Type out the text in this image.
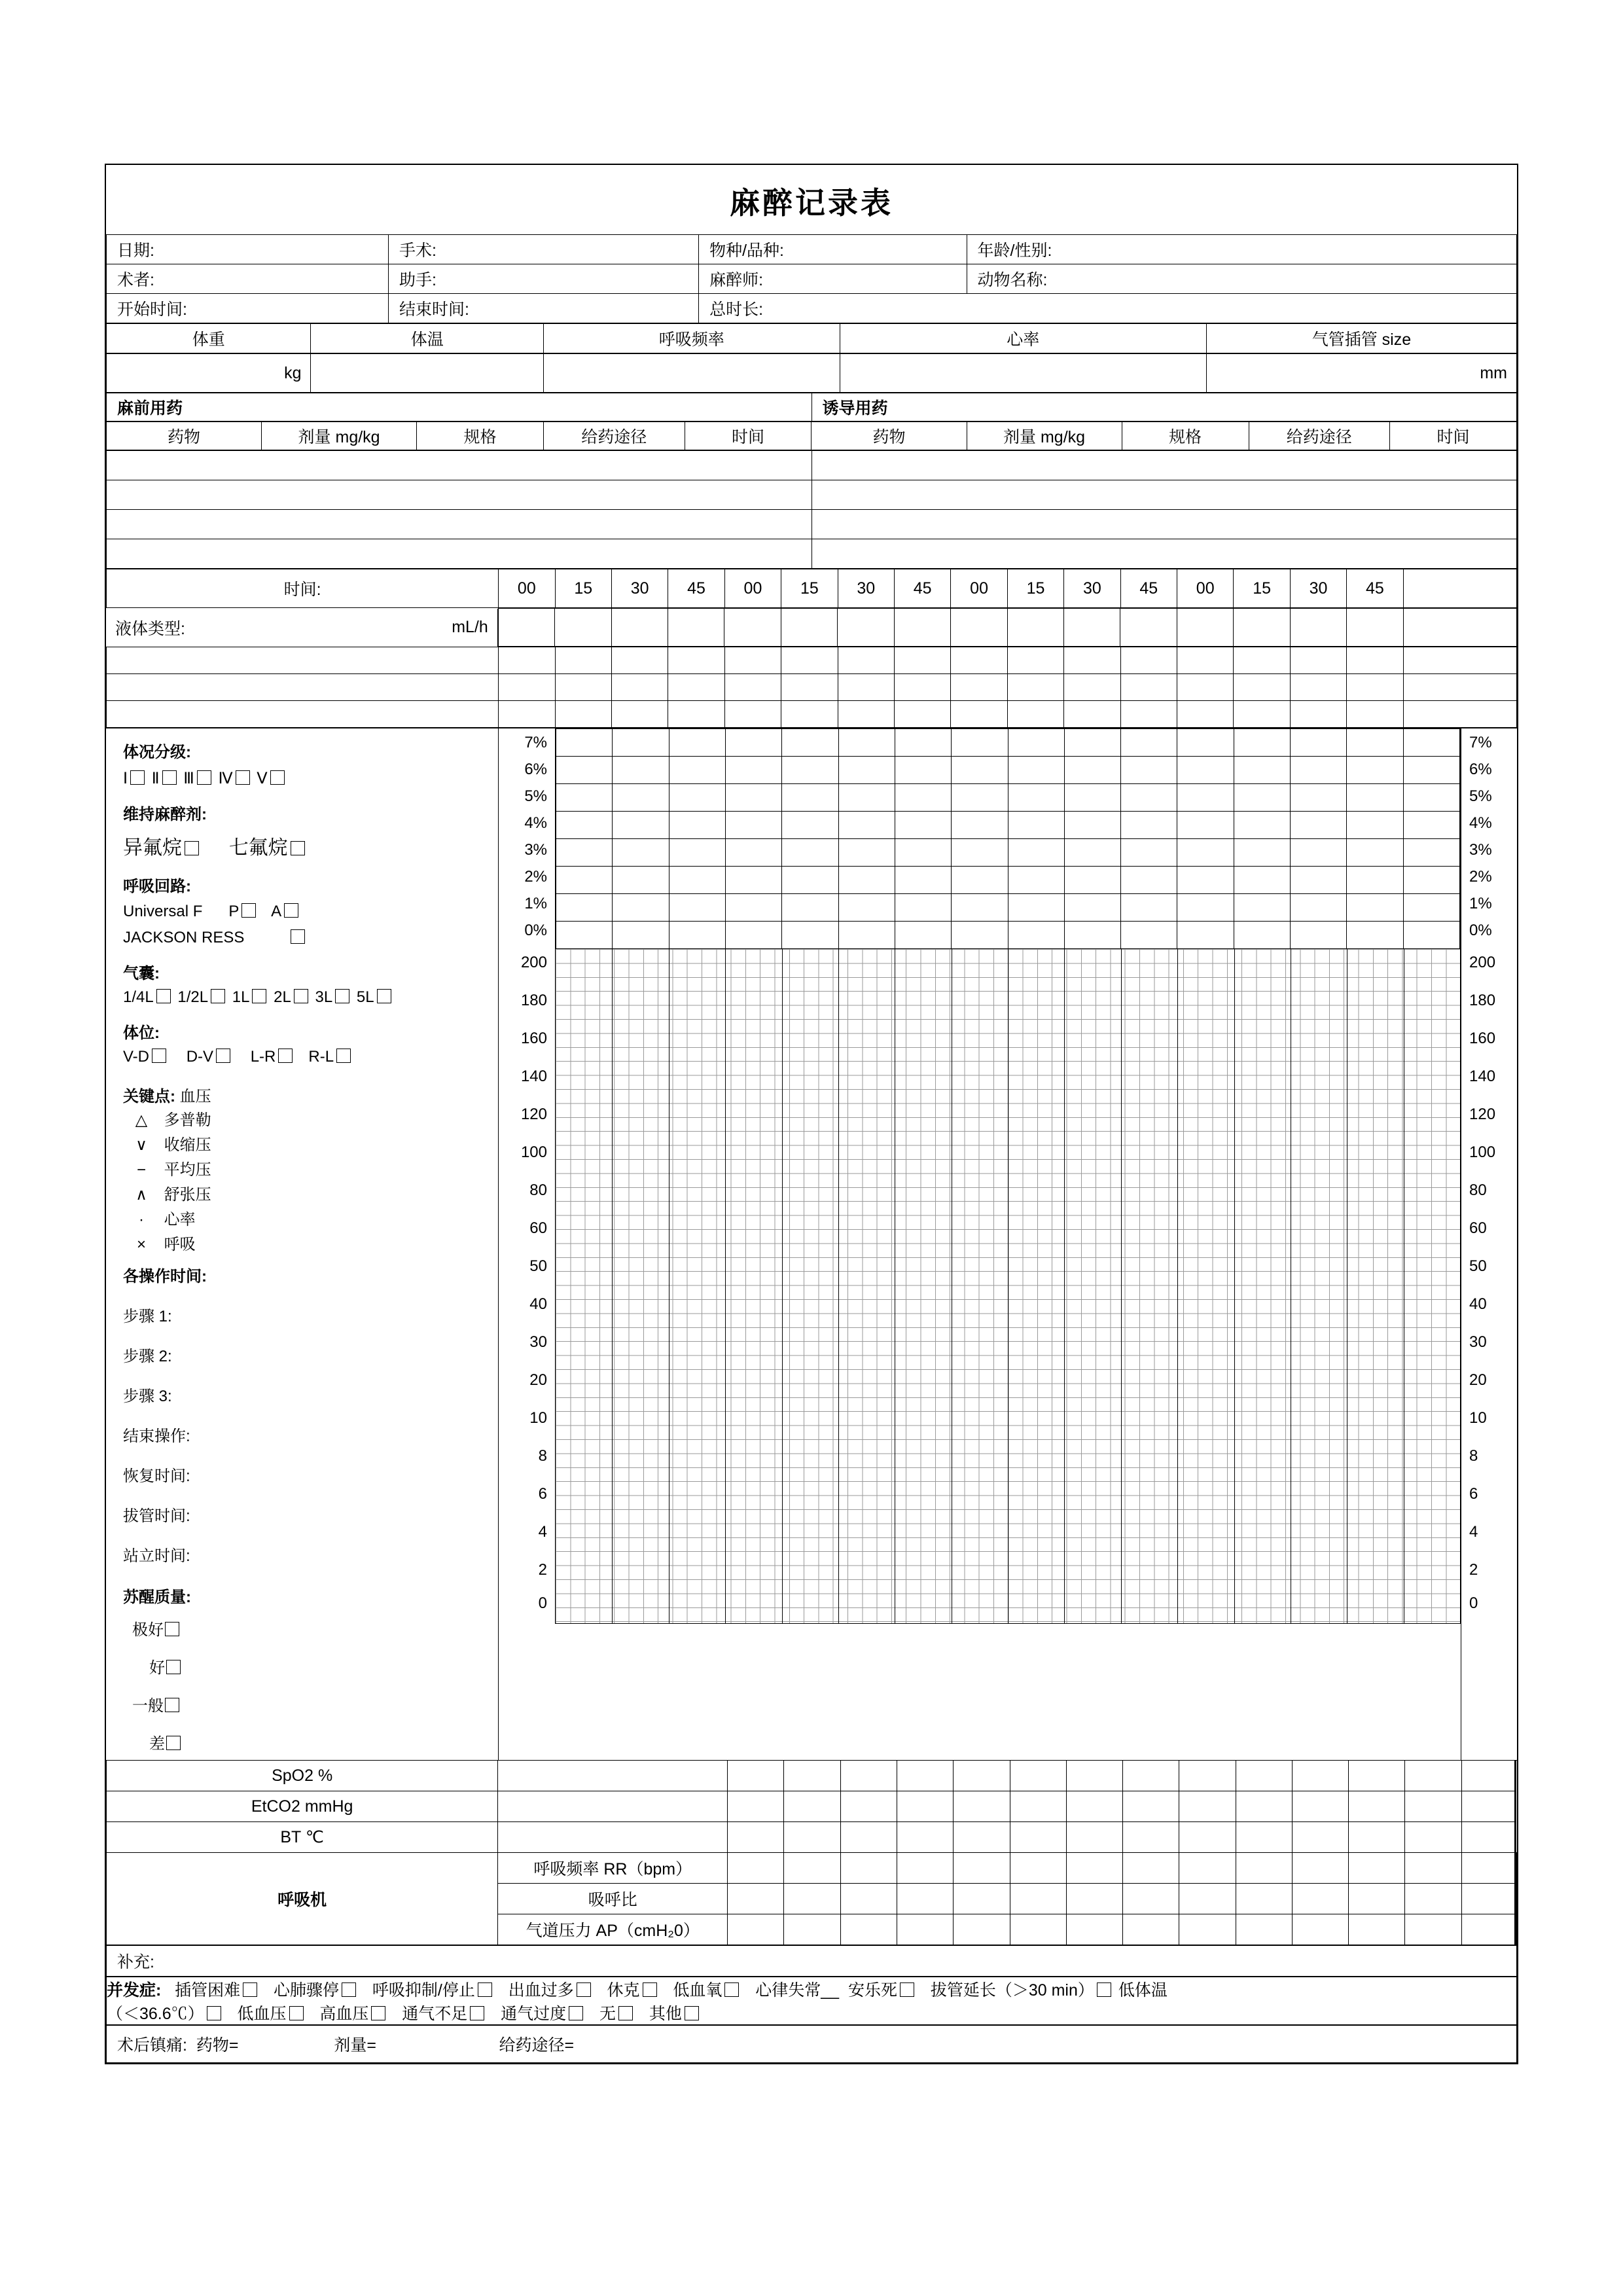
麻醉记录表
日期:	手术:	物种/品种:	年龄/性别:
术者:	助手:	麻醉师:	动物名称:
开始时间:	结束时间:	总时长:	
体重	体温	呼吸频率	心率	气管插管 size
kg				mm
麻前用药	诱导用药
药物	剂量 mg/kg	规格	给药途径	时间	药物	剂量 mg/kg	规格	给药途径	时间

时间:	00	15	30	45	00	15	30	45	00	15	30	45	00	15	30	45	
液体类型:	mL/h

体况分级:
Ⅰ Ⅱ Ⅲ Ⅳ Ⅴ
维持麻醉剂:
异氟烷 七氟烷
呼吸回路:
Universal F P A
JACKSON RESS
气囊:
1/4L 1/2L 1L 2L 3L 5L
体位:
V-D D-V L-R R-L
关键点: 血压
△ 多普勒
∨ 收缩压
− 平均压
∧ 舒张压
· 心率
× 呼吸
各操作时间:
步骤 1:
步骤 2:
步骤 3:
结束操作:
恢复时间:
拔管时间:
站立时间:
苏醒质量:
极好
好
一般
差
7%
6%
5%
4%
3%
2%
1%
0%
200
180
160
140
120
100
80
60
50
40
30
20
10
8
6
4
2
0

7%
6%
5%
4%
3%
2%
1%
0%
200
180
160
140
120
100
80
60
50
40
30
20
10
8
6
4
2
0
SpO2 %																	
EtCO2 mmHg																	
BT ℃																	
呼吸机	呼吸频率 RR（bpm）																	
	吸呼比																	
	气道压力 AP（cmH₂0）																	
补充:
并发症: 插管困难 心肺骤停 呼吸抑制/停止 出血过多 休克 低血氧 心律失常__ 安乐死 拔管延长（＞30 min） 低体温
（＜36.6℃） 低血压 高血压 通气不足 通气过度 无 其他
术后镇痛: 药物=	剂量=	给药途径=
